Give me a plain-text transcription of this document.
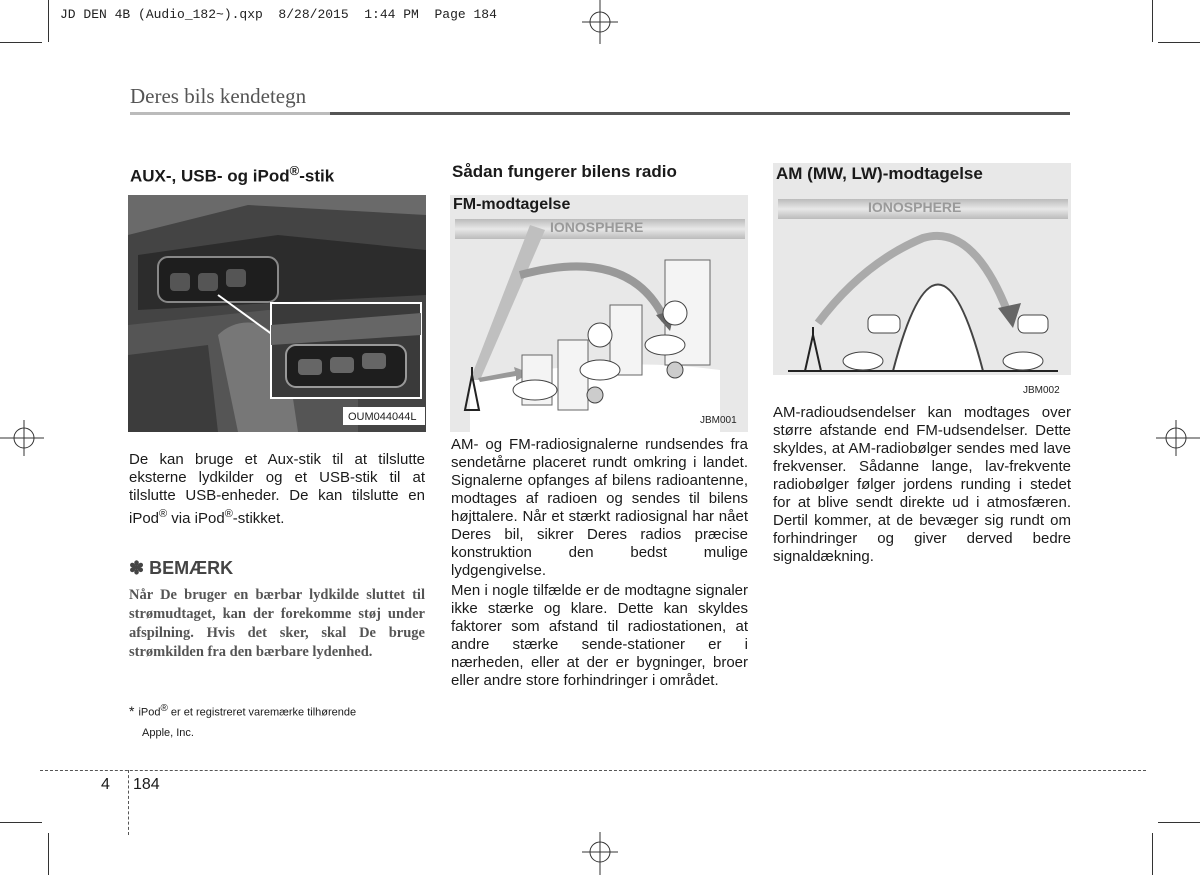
JD DEN 4B (Audio_182~).qxp  8/28/2015  1:44 PM  Page 184
Deres bils kendetegn
AUX-, USB- og iPod®-stik
OUM044044L

De kan bruge et Aux-stik til at tilslutte eksterne lydkilder og et USB-stik til at tilslutte USB-enheder. De kan tilslutte en iPod® via iPod®-stikket.

✽ BEMÆRK

Når De bruger en bærbar lydkilde sluttet til strømudtaget, kan der forekomme støj under afspilning. Hvis det sker, skal De bruge strømkilden fra den bærbare lydenhed.

* iPod® er et registreret varemærke tilhørende
Apple, Inc.
Sådan fungerer bilens radio
FM-modtagelse
IONOSPHERE
JBM001

AM- og FM-radiosignalerne rundsendes fra sendetårne placeret rundt omkring i landet. Signalerne opfanges af bilens radioantenne, modtages af radioen og sendes til bilens højttalere. Når et stærkt radiosignal har nået Deres bil, sikrer Deres radios præcise konstruktion den bedst mulige lydgengivelse.

Men i nogle tilfælde er de modtagne signaler ikke stærke og klare. Dette kan skyldes faktorer som afstand til radiostationen, at andre stærke sende-stationer er i nærheden, eller at der er bygninger, broer eller andre store forhindringer i området.

AM (MW, LW)-modtagelse
IONOSPHERE
JBM002

AM-radioudsendelser kan modtages over større afstande end FM-udsendelser. Dette skyldes, at AM-radiobølger sendes med lave frekvenser. Sådanne lange, lav-frekvente radiobølger følger jordens runding i stedet for at blive sendt direkte ud i atmosfæren. Dertil kommer, at de bevæger sig rundt om forhindringer og giver derved bedre signaldækning.

4 184
